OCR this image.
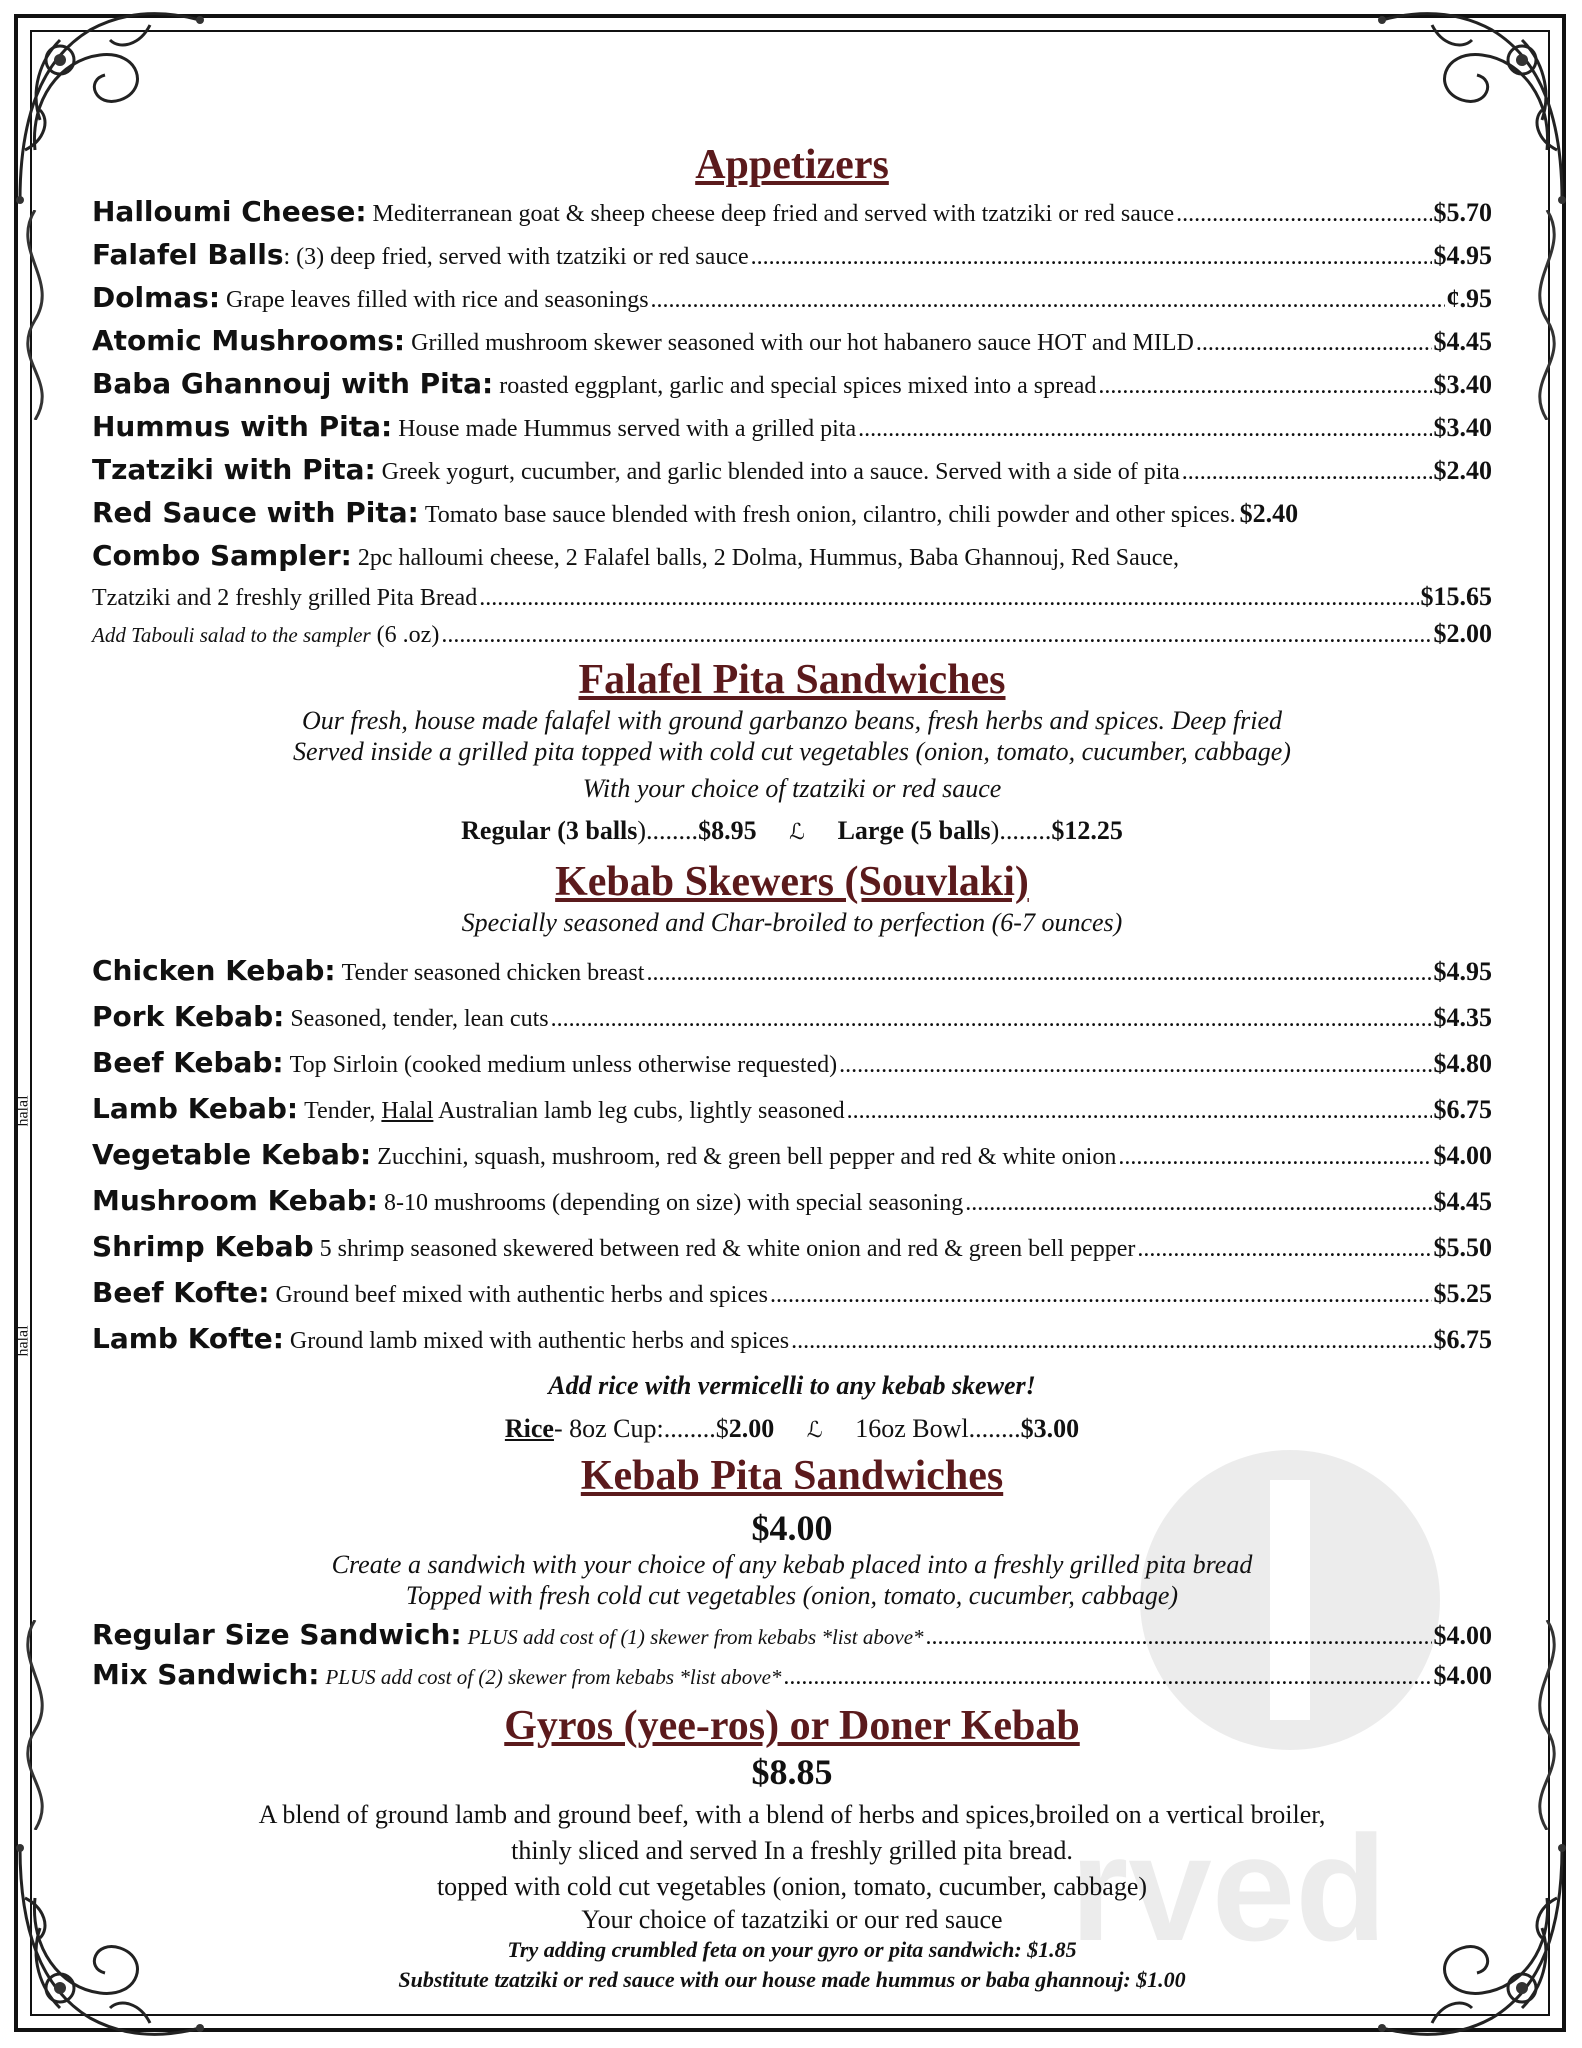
rved
Appetizers
Halloumi Cheese: Mediterranean goat & sheep cheese deep fried and served with tzatziki or red sauce .....	$5.70
Falafel Balls : (3) deep fried, served with tzatziki or red sauce .....	$4.95
Dolmas: Grape leaves filled with rice and seasonings .....	¢.95
Atomic Mushrooms: Grilled mushroom skewer seasoned with our hot habanero sauce HOT and MILD .....	$4.45
Baba Ghannouj with Pita: roasted eggplant, garlic and special spices mixed into a spread .....	$3.40
Hummus with Pita: House made Hummus served with a grilled pita .....	$3.40
Tzatziki with Pita: Greek yogurt, cucumber, and garlic blended into a sauce. Served with a side of pita .....	$2.40
Red Sauce with Pita: Tomato base sauce blended with fresh onion, cilantro, chili powder and other spices. $2.40
Combo Sampler: 2pc halloumi cheese, 2 Falafel balls, 2 Dolma, Hummus, Baba Ghannouj, Red Sauce,
Tzatziki and 2 freshly grilled Pita Bread .....	$15.65
Add Tabouli salad to the sampler (6 .oz) .....	$2.00
Falafel Pita Sandwiches
Our fresh, house made falafel with ground garbanzo beans, fresh herbs and spices. Deep fried
Served inside a grilled pita topped with cold cut vegetables (onion, tomato, cucumber, cabbage)
With your choice of tzatziki or red sauce
Regular (3 balls)........$8.95 ℒ Large (5 balls)........$12.25
Kebab Skewers (Souvlaki)
Specially seasoned and Char-broiled to perfection (6-7 ounces)
Chicken Kebab: Tender seasoned chicken breast .....	$4.95
Pork Kebab: Seasoned, tender, lean cuts .....	$4.35
Beef Kebab: Top Sirloin (cooked medium unless otherwise requested) .....	$4.80
halal	Lamb Kebab: Tender, Halal Australian lamb leg cubs, lightly seasoned .....	$6.75
Vegetable Kebab: Zucchini, squash, mushroom, red & green bell pepper and red & white onion .....	$4.00
Mushroom Kebab: 8-10 mushrooms (depending on size) with special seasoning .....	$4.45
Shrimp Kebab 5 shrimp seasoned skewered between red & white onion and red & green bell pepper .....	$5.50
Beef Kofte: Ground beef mixed with authentic herbs and spices .....	$5.25
halal	Lamb Kofte: Ground lamb mixed with authentic herbs and spices .....	$6.75
Add rice with vermicelli to any kebab skewer!
Rice- 8oz Cup:........$2.00 ℒ 16oz Bowl........$3.00
Kebab Pita Sandwiches
$4.00
Create a sandwich with your choice of any kebab placed into a freshly grilled pita bread
Topped with fresh cold cut vegetables (onion, tomato, cucumber, cabbage)
Regular Size Sandwich: PLUS add cost of (1) skewer from kebabs *list above* .....	$4.00
Mix Sandwich: PLUS add cost of (2) skewer from kebabs *list above* .....	$4.00
Gyros (yee-ros) or Doner Kebab
$8.85
A blend of ground lamb and ground beef, with a blend of herbs and spices,broiled on a vertical broiler,
thinly sliced and served In a freshly grilled pita bread.
topped with cold cut vegetables (onion, tomato, cucumber, cabbage)
Your choice of tazatziki or our red sauce
Try adding crumbled feta on your gyro or pita sandwich: $1.85
Substitute tzatziki or red sauce with our house made hummus or baba ghannouj: $1.00
